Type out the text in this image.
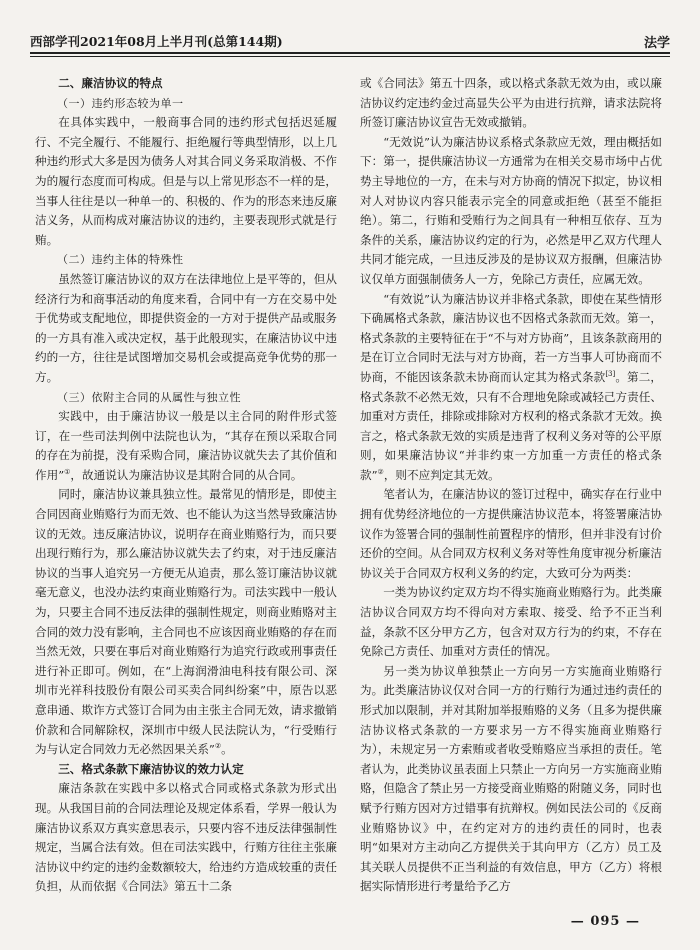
西部学刊2021年08月上半月刊(总第144期)	法学

二、廉洁协议的特点

（一）违约形态较为单一

在具体实践中，一般商事合同的违约形式包括迟延履行、不完全履行、不能履行、拒绝履行等典型情形，以上几种违约形式大多是因为债务人对其合同义务采取消极、不作为的履行态度而可构成。但是与以上常见形态不一样的是，当事人往往是以一种单一的、积极的、作为的形态来违反廉洁义务，从而构成对廉洁协议的违约，主要表现形式就是行贿。

（二）违约主体的特殊性

虽然签订廉洁协议的双方在法律地位上是平等的，但从经济行为和商事活动的角度来看，合同中有一方在交易中处于优势或支配地位，即提供资金的一方对于提供产品或服务的一方具有准入或决定权，基于此般现实，在廉洁协议中违约的一方，往往是试图增加交易机会或提高竞争优势的那一方。

（三）依附主合同的从属性与独立性

实践中，由于廉洁协议一般是以主合同的附件形式签订，在一些司法判例中法院也认为，“其存在预以采取合同的存在为前提，没有采购合同，廉洁协议就失去了其价值和作用”①，故通说认为廉洁协议是其附合同的从合同。

同时，廉洁协议兼具独立性。最常见的情形是，即使主合同因商业贿赂行为而无效、也不能认为这当然导致廉洁协议的无效。违反廉洁协议，说明存在商业贿赂行为，而只要出现行贿行为，那么廉洁协议就失去了约束，对于违反廉洁协议的当事人追究另一方便无从追责，那么签订廉洁协议就毫无意义，也没办法约束商业贿赂行为。司法实践中一般认为，只要主合同不违反法律的强制性规定，则商业贿赂对主合同的效力没有影响，主合同也不应该因商业贿赂的存在而当然无效，只要在事后对商业贿赂行为追究行政或刑事责任进行补正即可。例如，在“上海润滑油电科技有限公司、深圳市光祥科技股份有限公司买卖合同纠纷案”中，原告以恶意串通、欺诈方式签订合同为由主张主合同无效，请求撤销价款和合同解除权，深圳市中级人民法院认为，“行受贿行为与认定合同效力无必然因果关系”②。

三、格式条款下廉洁协议的效力认定

廉洁条款在实践中多以格式合同或格式条款为形式出现。从我国目前的合同法理论及规定体系看，学界一般认为廉洁协议系双方真实意思表示，只要内容不违反法律强制性规定，当属合法有效。但在司法实践中，行贿方往往主张廉洁协议中约定的违约金数额较大，给违约方造成较重的责任负担，从而依据《合同法》第五十二条

或《合同法》第五十四条，或以格式条款无效为由，或以廉洁协议约定违约金过高显失公平为由进行抗辩，请求法院将所签订廉洁协议宣告无效或撤销。

“无效说”认为廉洁协议系格式条款应无效，理由概括如下：第一，提供廉洁协议一方通常为在相关交易市场中占优势主导地位的一方，在未与对方协商的情况下拟定，协议相对人对协议内容只能表示完全的同意或拒绝（甚至不能拒绝）。第二，行贿和受贿行为之间具有一种相互依存、互为条件的关系，廉洁协议约定的行为，必然是甲乙双方代理人共同才能完成，一旦违反涉及的是协议双方报酬，但廉洁协议仅单方面强制债务人一方，免除己方责任，应属无效。

“有效说”认为廉洁协议并非格式条款，即使在某些情形下确属格式条款，廉洁协议也不因格式条款而无效。第一，格式条款的主要特征在于“不与对方协商”，且该条款商用的是在订立合同时无法与对方协商，若一方当事人可协商而不协商，不能因该条款未协商而认定其为格式条款[3]。第二，格式条款不必然无效，只有不合理地免除或减轻己方责任、加重对方责任，排除或排除对方权利的格式条款才无效。换言之，格式条款无效的实质是违背了权利义务对等的公平原则，如果廉洁协议“并非约束一方加重一方责任的格式条款”②，则不应判定其无效。

笔者认为，在廉洁协议的签订过程中，确实存在行业中拥有优势经济地位的一方提供廉洁协议范本，将签署廉洁协议作为签署合同的强制性前置程序的情形，但并非没有讨价还价的空间。从合同双方权利义务对等性角度审视分析廉洁协议关于合同双方权利义务的约定，大致可分为两类：

一类为协议约定双方均不得实施商业贿赂行为。此类廉洁协议合同双方均不得向对方索取、接受、给予不正当利益，条款不区分甲方乙方，包含对双方行为的约束，不存在免除己方责任、加重对方责任的情况。

另一类为协议单独禁止一方向另一方实施商业贿赂行为。此类廉洁协议仅对合同一方的行贿行为通过违约责任的形式加以限制，并对其附加举报贿赂的义务（且多为提供廉洁协议格式条款的一方要求另一方不得实施商业贿赂行为），未规定另一方索贿或者收受贿赂应当承担的责任。笔者认为，此类协议虽表面上只禁止一方向另一方实施商业贿赂，但隐含了禁止另一方接受商业贿赂的附随义务，同时也赋予行贿方因对方过错事有抗辩权。例如民法公司的《反商业贿赂协议》中，在约定对方的违约责任的同时，也表明“如果对方主动向乙方提供关于其向甲方（乙方）员工及其关联人员提供不正当利益的有效信息，甲方（乙方）将根据实际情形进行考量给予乙方

— 095 —
